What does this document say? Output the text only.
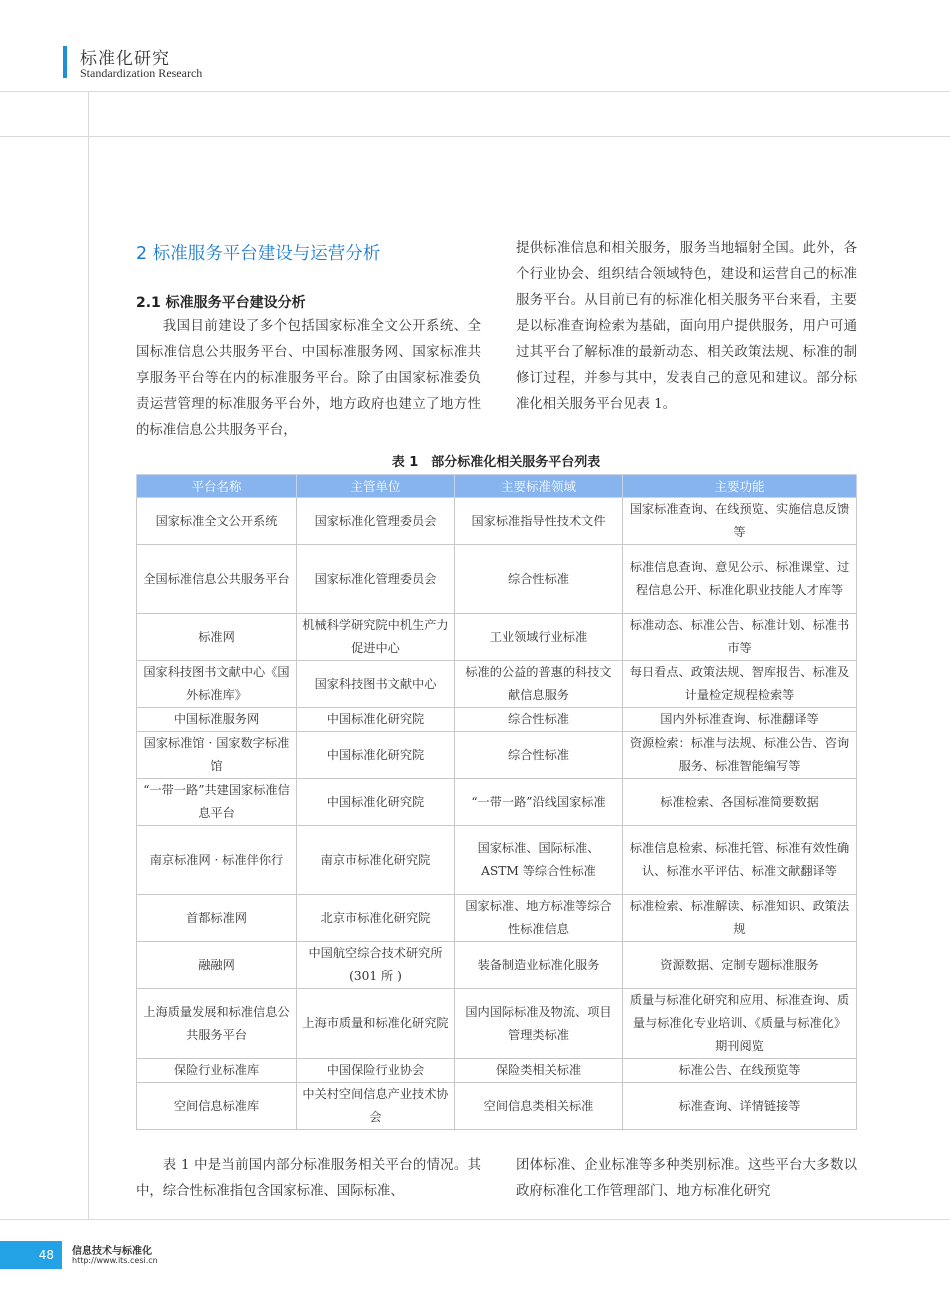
标准化研究
Standardization Research
2 标准服务平台建设与运营分析
2.1 标准服务平台建设分析

我国目前建设了多个包括国家标准全文公开系统、全国标准信息公共服务平台、中国标准服务网、国家标准共享服务平台等在内的标准服务平台。除了由国家标准委负责运营管理的标准服务平台外，地方政府也建立了地方性的标准信息公共服务平台，

提供标准信息和相关服务，服务当地辐射全国。此外，各个行业协会、组织结合领域特色，建设和运营自己的标准服务平台。从目前已有的标准化相关服务平台来看，主要是以标准查询检索为基础，面向用户提供服务，用户可通过其平台了解标准的最新动态、相关政策法规、标准的制修订过程，并参与其中，发表自己的意见和建议。部分标准化相关服务平台见表 1。

表 1　部分标准化相关服务平台列表
平台名称	主管单位	主要标准领域	主要功能
国家标准全文公开系统	国家标准化管理委员会	国家标准指导性技术文件	国家标准查询、在线预览、实施信息反馈等
全国标准信息公共服务平台	国家标准化管理委员会	综合性标准	标准信息查询、意见公示、标准课堂、过程信息公开、标准化职业技能人才库等
标准网	机械科学研究院中机生产力促进中心	工业领域行业标准	标准动态、标准公告、标准计划、标准书市等
国家科技图书文献中心《国外标准库》	国家科技图书文献中心	标准的公益的普惠的科技文献信息服务	每日看点、政策法规、智库报告、标准及计量检定规程检索等
中国标准服务网	中国标准化研究院	综合性标准	国内外标准查询、标准翻译等
国家标准馆 · 国家数字标准馆	中国标准化研究院	综合性标准	资源检索：标准与法规、标准公告、咨询服务、标准智能编写等
“一带一路”共建国家标准信息平台	中国标准化研究院	“一带一路”沿线国家标准	标准检索、各国标准简要数据
南京标准网 · 标准伴你行	南京市标准化研究院	国家标准、国际标准、ASTM 等综合性标准	标准信息检索、标准托管、标准有效性确认、标准水平评估、标准文献翻译等
首都标准网	北京市标准化研究院	国家标准、地方标准等综合性标准信息	标准检索、标准解读、标准知识、政策法规
融融网	中国航空综合技术研究所 (301 所 )	装备制造业标准化服务	资源数据、定制专题标准服务
上海质量发展和标准信息公共服务平台	上海市质量和标准化研究院	国内国际标准及物流、项目管理类标准	质量与标准化研究和应用、标准查询、质量与标准化专业培训、《质量与标准化》期刊阅览
保险行业标准库	中国保险行业协会	保险类相关标准	标准公告、在线预览等
空间信息标准库	中关村空间信息产业技术协会	空间信息类相关标准	标准查询、详情链接等

表 1 中是当前国内部分标准服务相关平台的情况。其中，综合性标准指包含国家标准、国际标准、

团体标准、企业标准等多种类别标准。这些平台大多数以政府标准化工作管理部门、地方标准化研究

48	信息技术与标准化
http://www.its.cesi.cn
